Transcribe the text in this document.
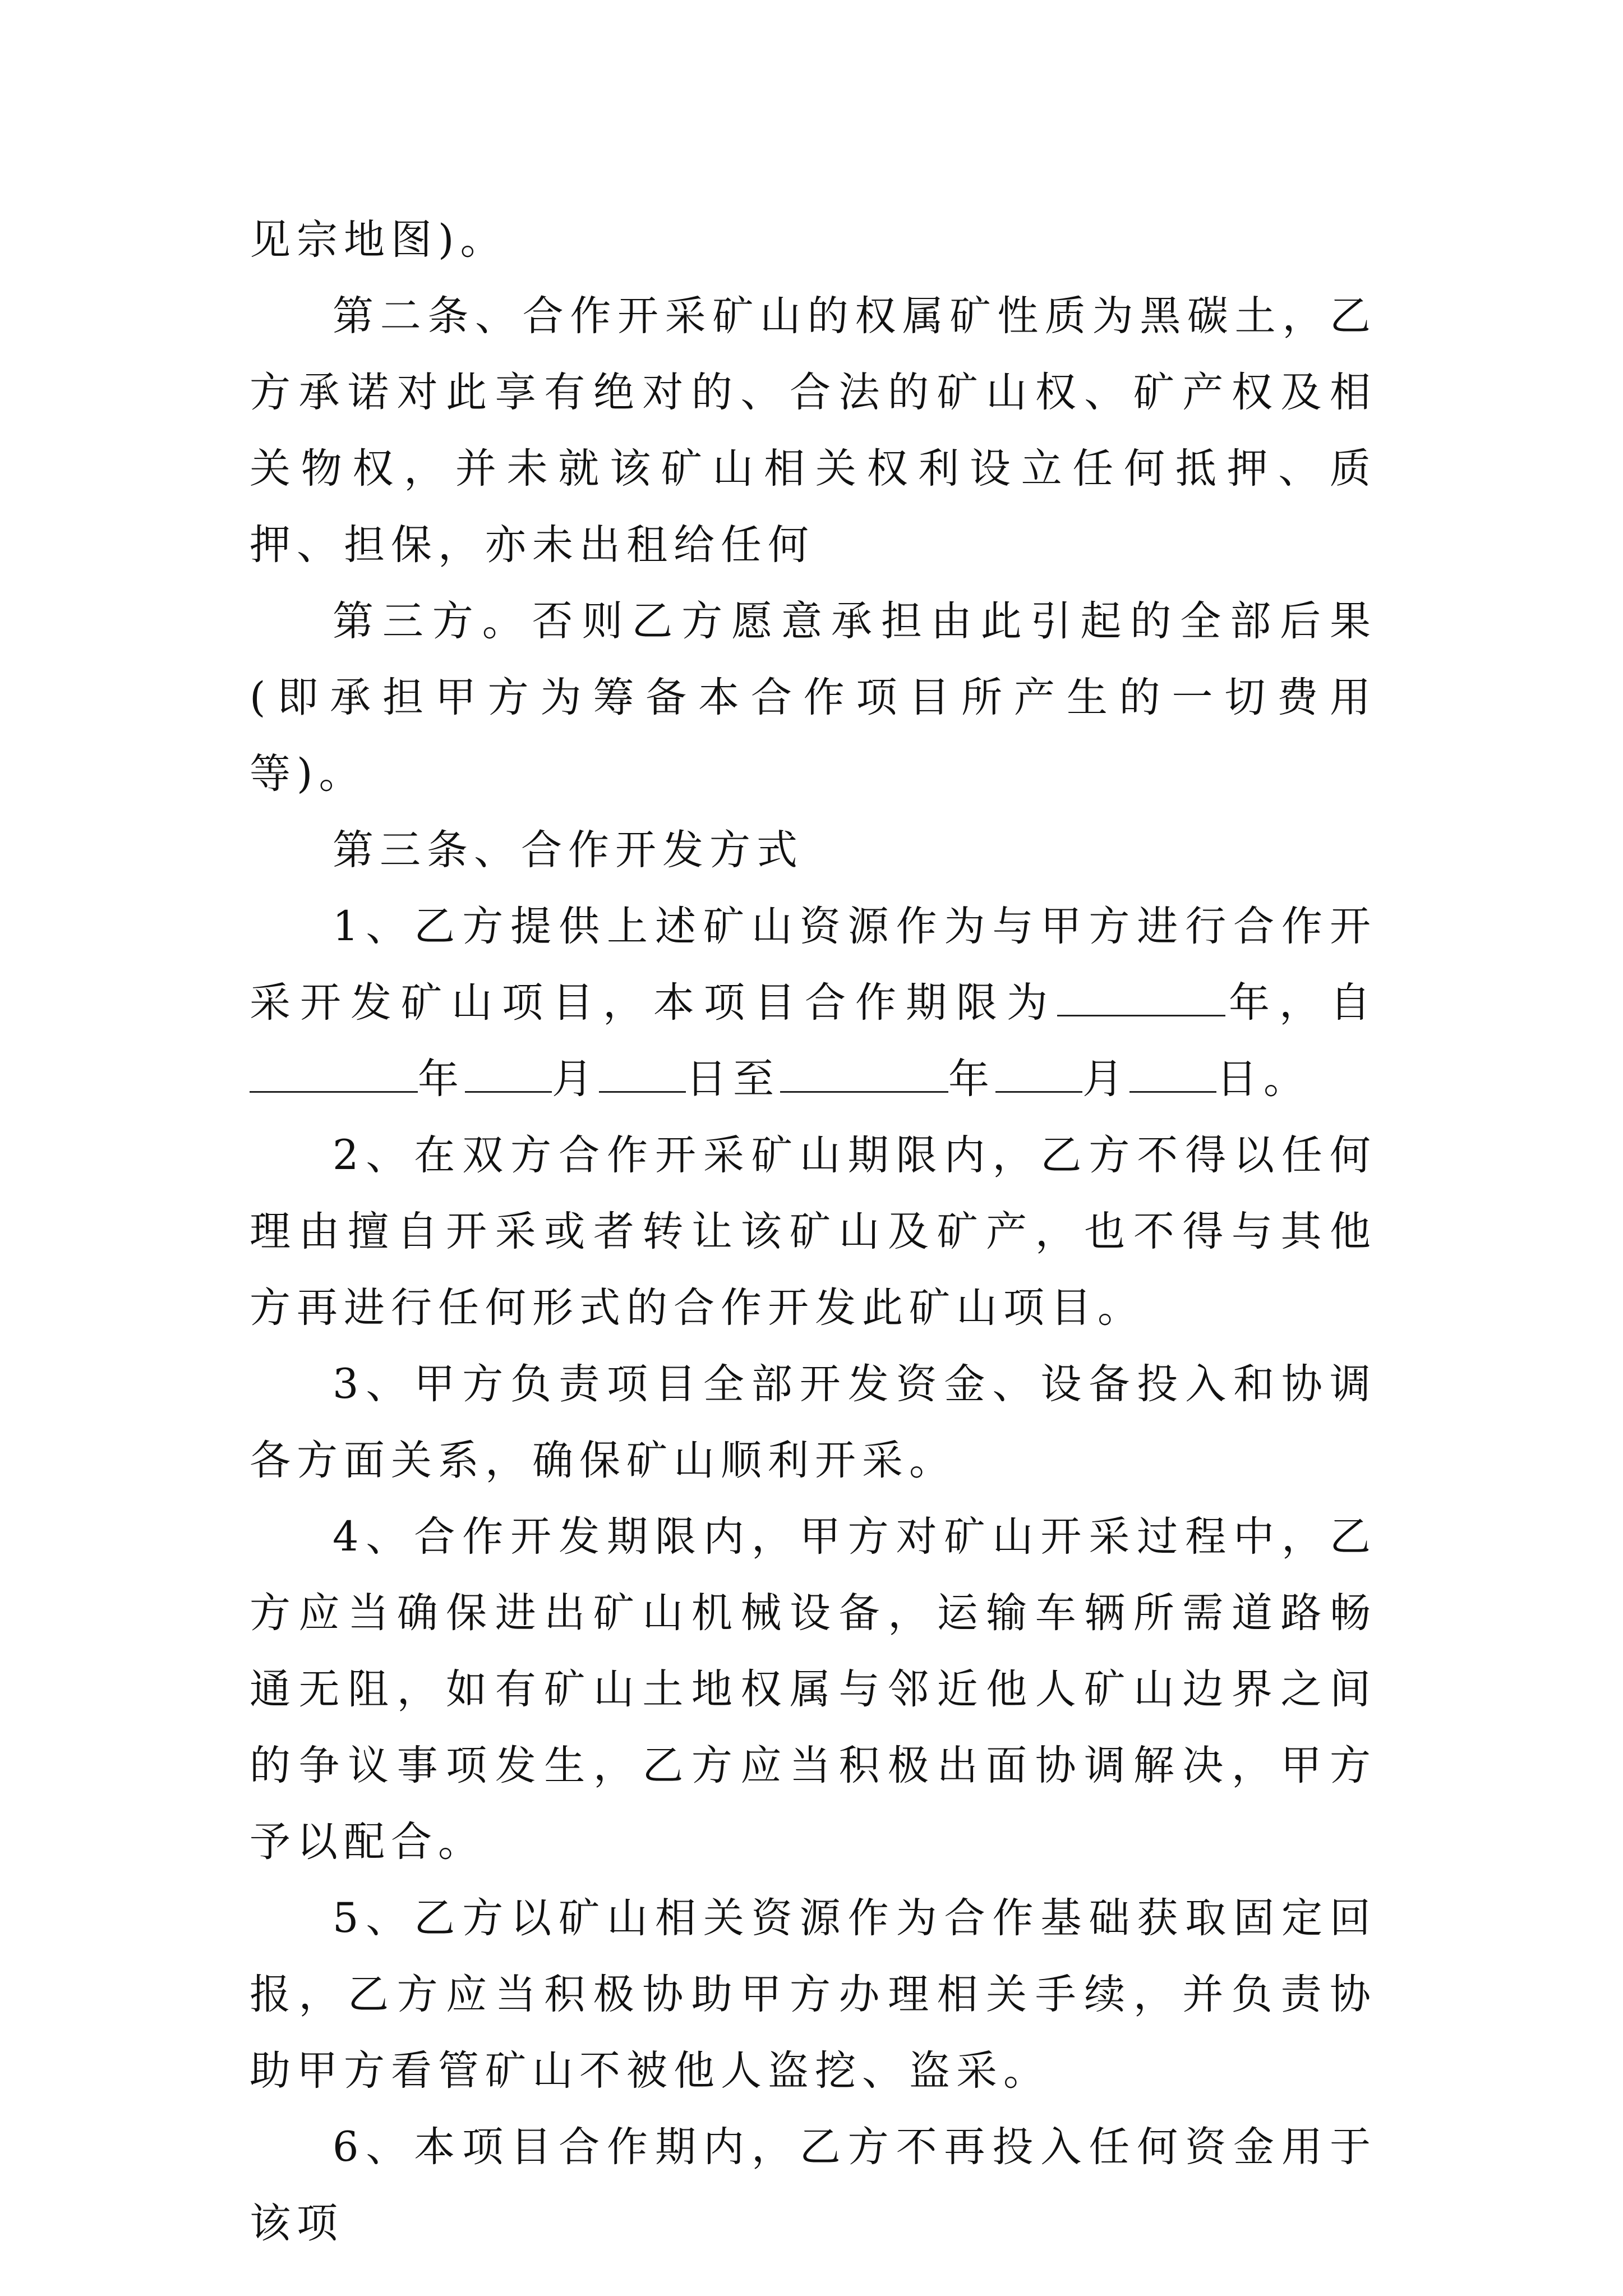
见宗地图)。

第二条、合作开采矿山的权属矿性质为黑碳土，乙方承诺对此享有绝对的、合法的矿山权、矿产权及相关物权，并未就该矿山相关权利设立任何抵押、质押、担保，亦未出租给任何

第三方。否则乙方愿意承担由此引起的全部后果(即承担甲方为筹备本合作项目所产生的一切费用等)。

第三条、合作开发方式

1、乙方提供上述矿山资源作为与甲方进行合作开采开发矿山项目，本项目合作期限为	年，自年 月 日至	年 月 日。

2、在双方合作开采矿山期限内，乙方不得以任何理由擅自开采或者转让该矿山及矿产，也不得与其他方再进行任何形式的合作开发此矿山项目。

3、甲方负责项目全部开发资金、设备投入和协调各方面关系，确保矿山顺利开采。

4、合作开发期限内，甲方对矿山开采过程中，乙方应当确保进出矿山机械设备，运输车辆所需道路畅通无阻，如有矿山土地权属与邻近他人矿山边界之间的争议事项发生，乙方应当积极出面协调解决，甲方予以配合。

5、乙方以矿山相关资源作为合作基础获取固定回报，乙方应当积极协助甲方办理相关手续，并负责协助甲方看管矿山不被他人盗挖、盗采。

6、本项目合作期内，乙方不再投入任何资金用于该项
